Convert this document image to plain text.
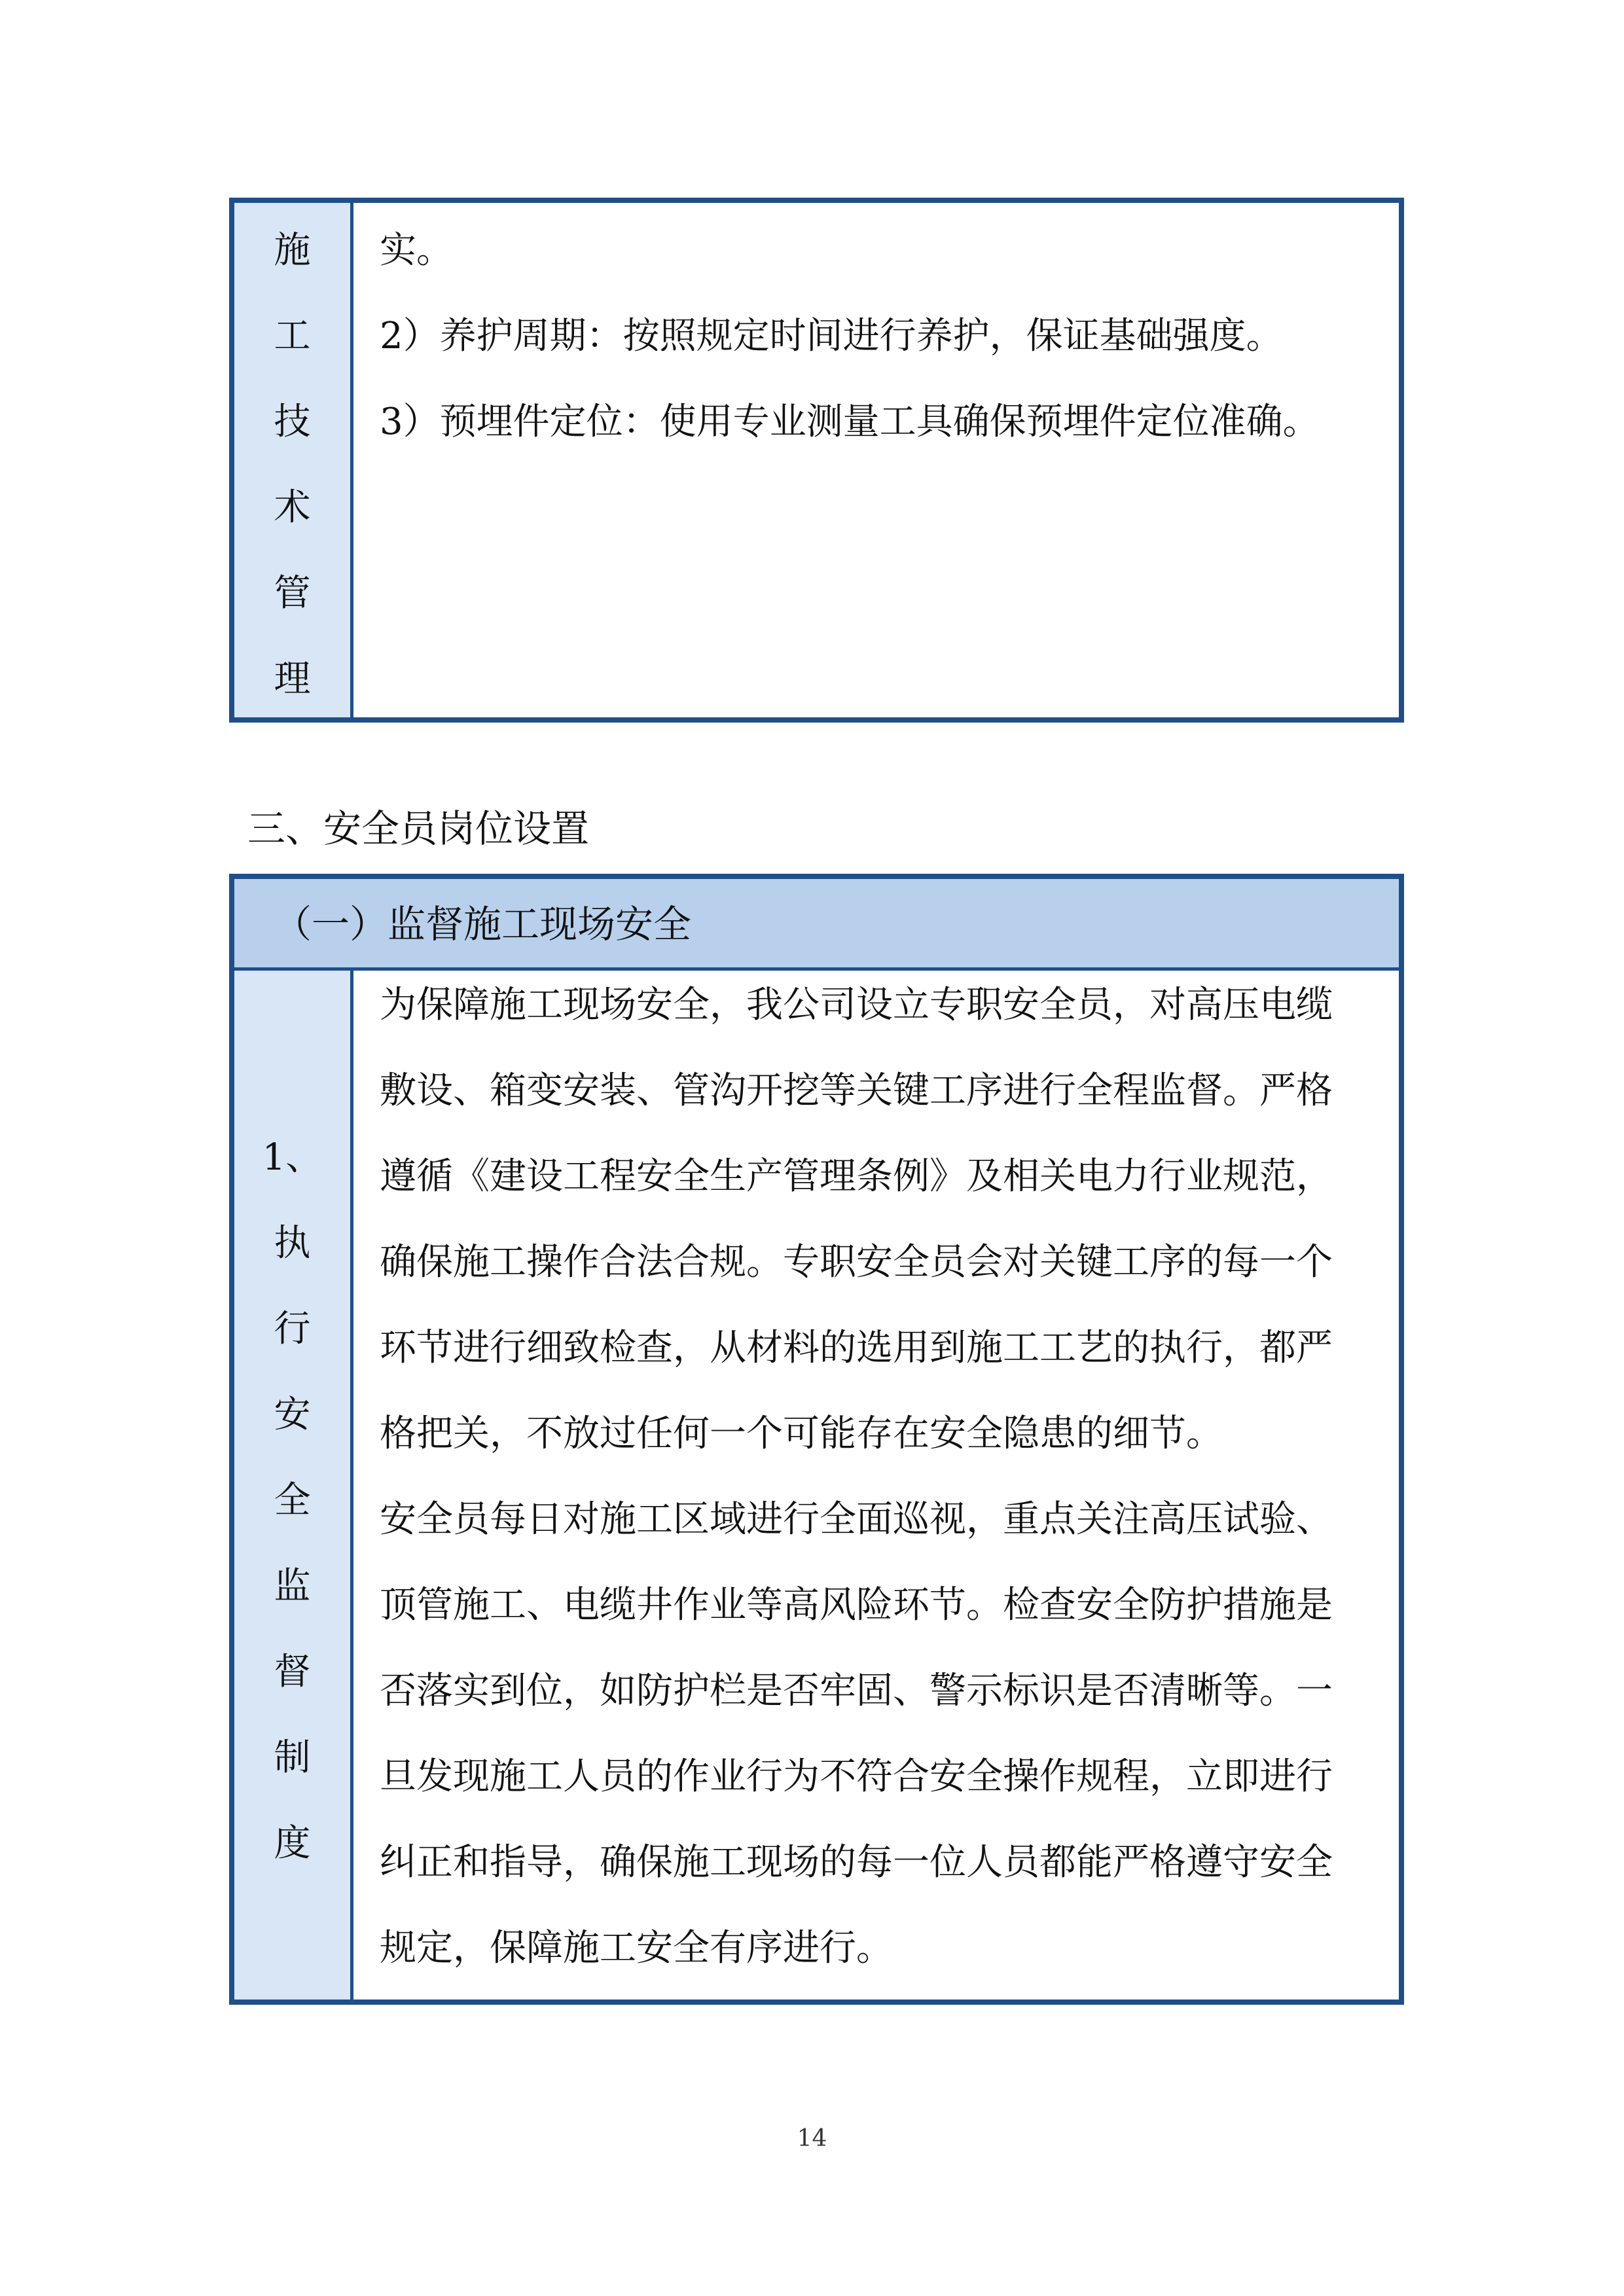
施
工
技
术
管
理
实。
2）养护周期：按照规定时间进行养护，保证基础强度。
3）预埋件定位：使用专业测量工具确保预埋件定位准确。
三、安全员岗位设置
（一）监督施工现场安全
1、
执
行
安
全
监
督
制
度
为保障施工现场安全，我公司设立专职安全员，对高压电缆
敷设、箱变安装、管沟开挖等关键工序进行全程监督。严格
遵循《建设工程安全生产管理条例》及相关电力行业规范，
确保施工操作合法合规。专职安全员会对关键工序的每一个
环节进行细致检查，从材料的选用到施工工艺的执行，都严
格把关，不放过任何一个可能存在安全隐患的细节。
安全员每日对施工区域进行全面巡视，重点关注高压试验、
顶管施工、电缆井作业等高风险环节。检查安全防护措施是
否落实到位，如防护栏是否牢固、警示标识是否清晰等。一
旦发现施工人员的作业行为不符合安全操作规程，立即进行
纠正和指导，确保施工现场的每一位人员都能严格遵守安全
规定，保障施工安全有序进行。
14
